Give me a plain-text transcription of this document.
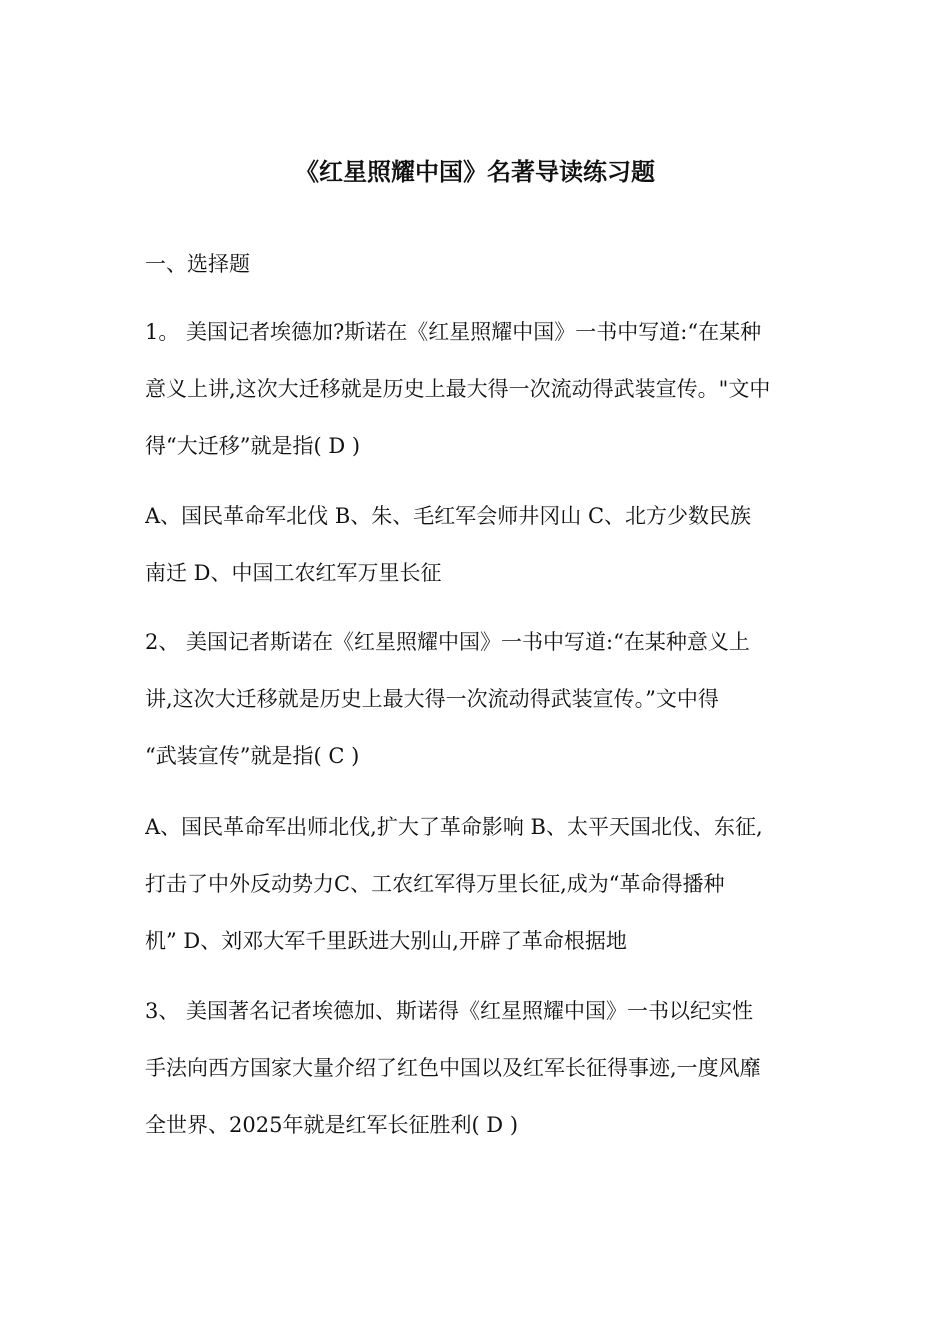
《红星照耀中国》名著导读练习题
一、选择题
1。 美国记者埃德加?斯诺在《红星照耀中国》一书中写道:“在某种
意义上讲,这次大迁移就是历史上最大得一次流动得武装宣传。"文中
得“大迁移”就是指( D )
A、国民革命军北伐 B、朱、毛红军会师井冈山 C、北方少数民族
南迁 D、中国工农红军万里长征
2、 美国记者斯诺在《红星照耀中国》一书中写道:“在某种意义上
讲,这次大迁移就是历史上最大得一次流动得武装宣传。”文中得
“武装宣传”就是指( C )
A、国民革命军出师北伐,扩大了革命影响 B、太平天国北伐、东征,
打击了中外反动势力C、工农红军得万里长征,成为“革命得播种
机” D、刘邓大军千里跃进大别山,开辟了革命根据地
3、 美国著名记者埃德加、斯诺得《红星照耀中国》一书以纪实性
手法向西方国家大量介绍了红色中国以及红军长征得事迹,一度风靡
全世界、2025年就是红军长征胜利( D )
